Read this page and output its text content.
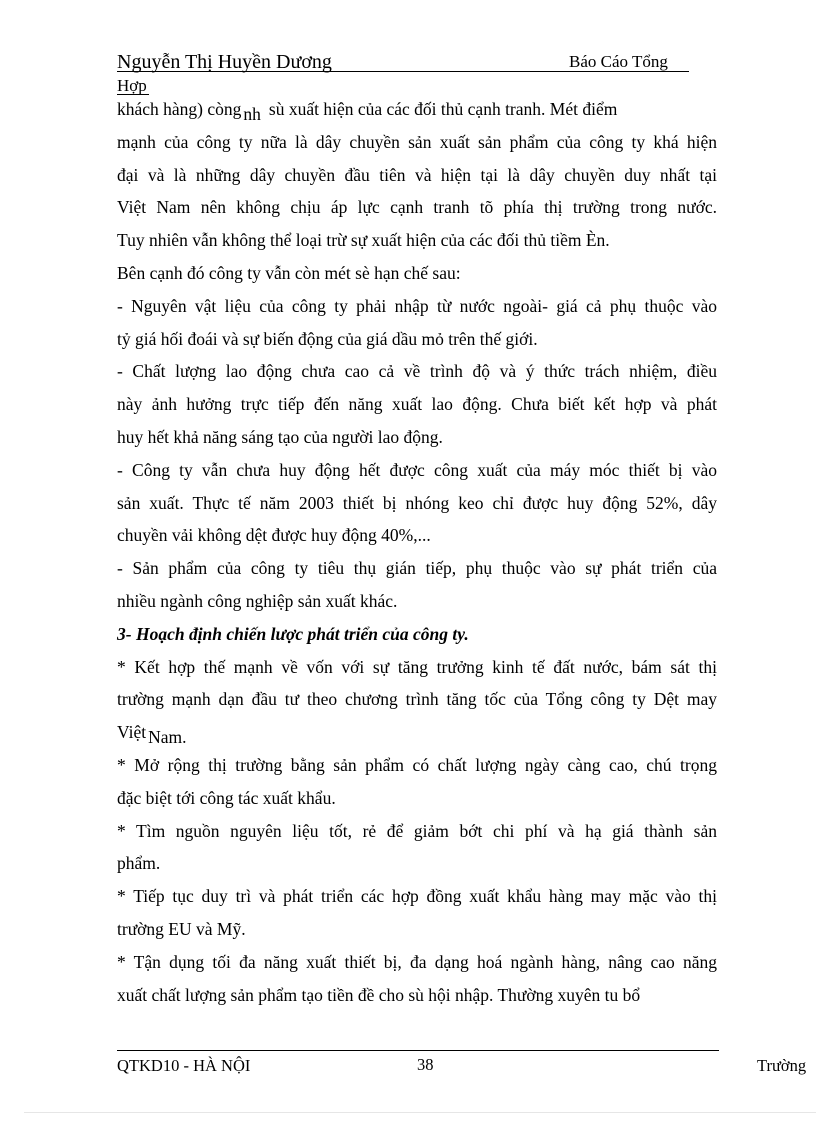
Nguyễn Thị Huyền Dương	Báo Cáo Tổng
Hợp
khách hàng) còng nh sù xuất hiện của các đối thủ cạnh tranh. Mét điểm
mạnh của công ty nữa là dây chuyền sản xuất sản phẩm của công ty khá hiện
đại và là những dây chuyền đầu tiên và hiện tại là dây chuyền duy nhất tại
Việt Nam nên không chịu áp lực cạnh tranh tõ phía thị trường trong nước.
Tuy nhiên vẫn không thể loại trừ sự xuất hiện của các đối thủ tiềm Èn.
Bên cạnh đó công ty vẫn còn mét sè hạn chế sau:
- Nguyên vật liệu của công ty phải nhập từ nước ngoài- giá cả phụ thuộc vào
tỷ giá hối đoái và sự biến động của giá dầu mỏ trên thế giới.
- Chất lượng lao động chưa cao cả về trình độ và ý thức trách nhiệm, điều
này ảnh hưởng trực tiếp đến năng xuất lao động. Chưa biết kết hợp và phát
huy hết khả năng sáng tạo của người lao động.
- Công ty vẫn chưa huy động hết được công xuất của máy móc thiết bị vào
sản xuất. Thực tế năm 2003 thiết bị nhóng keo chỉ được huy động 52%, dây
chuyền vải không dệt được huy động 40%,...
- Sản phẩm của công ty tiêu thụ gián tiếp, phụ thuộc vào sự phát triển của
nhiều ngành công nghiệp sản xuất khác.
3- Hoạch định chiến lược phát triển của công ty.
* Kết hợp thế mạnh về vốn với sự tăng trưởng kinh tế đất nước, bám sát thị
trường mạnh dạn đầu tư theo chương trình tăng tốc của Tổng công ty Dệt may
Việt Nam.
* Mở rộng thị trường bằng sản phẩm có chất lượng ngày càng cao, chú trọng
đặc biệt tới công tác xuất khẩu.
* Tìm nguồn nguyên liệu tốt, rẻ để giảm bớt chi phí và hạ giá thành sản
phẩm.
* Tiếp tục duy trì và phát triển các hợp đồng xuất khẩu hàng may mặc vào thị
trường EU và Mỹ.
* Tận dụng tối đa năng xuất thiết bị, đa dạng hoá ngành hàng, nâng cao năng
xuất chất lượng sản phẩm tạo tiền đề cho sù hội nhập. Thường xuyên tu bổ
QTKD10 - HÀ NỘI	38	Trường
